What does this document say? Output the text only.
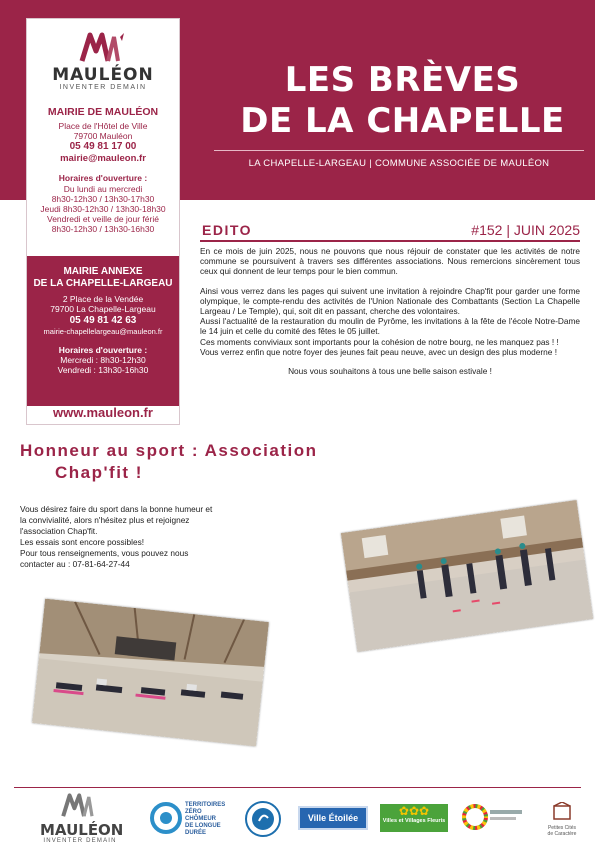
MAULÉON
INVENTER DEMAIN
MAIRIE DE MAULÉON
Place de l'Hôtel de Ville
79700 Mauléon
05 49 81 17 00
mairie@mauleon.fr
Horaires d'ouverture :
Du lundi au mercredi
8h30-12h30 / 13h30-17h30
Jeudi 8h30-12h30 / 13h30-18h30
Vendredi et veille de jour férié
8h30-12h30 / 13h30-16h30
MAIRIE ANNEXE
DE LA CHAPELLE-LARGEAU
2 Place de la Vendée
79700 La Chapelle-Largeau
05 49 81 42 63
mairie-chapellelargeau@mauleon.fr
Horaires d'ouverture :
Mercredi : 8h30-12h30
Vendredi : 13h30-16h30
www.mauleon.fr
LES BRÈVES
DE LA CHAPELLE
LA CHAPELLE-LARGEAU | COMMUNE ASSOCIÉE DE MAULÉON
EDITO	#152 | JUIN 2025

En ce mois de juin 2025, nous ne pouvons que nous réjouir de constater que les activités de notre commune se poursuivent à travers ses différentes associations. Nous remercions sincèrement tous ceux qui donnent de leur temps pour le bien commun.

Ainsi vous verrez dans les pages qui suivent une invitation à rejoindre Chap'fit pour garder une forme olympique, le compte-rendu des activités de l'Union Nationale des Combattants (Section La Chapelle Largeau / Le Temple), qui, soit dit en passant, cherche des volontaires.

Aussi l'actualité de la restauration du moulin de Pyrôme, les invitations à la fête de l'école Notre-Dame le 14 juin et celle du comité des fêtes le 05 juillet.

Ces moments conviviaux sont importants pour la cohésion de notre bourg, ne les manquez pas ! !

Vous verrez enfin que notre foyer des jeunes fait peau neuve, avec un design des plus moderne !

Nous vous souhaitons à tous une belle saison estivale !

Honneur au sport : Association
Chap'fit !
Vous désirez faire du sport dans la bonne humeur et
la convivialité, alors n'hésitez plus et rejoignez
l'association Chap'fit.
Les essais sont encore possibles!
Pour tous renseignements, vous pouvez nous
contacter au : 07-81-64-27-44
MAULÉON
INVENTER DEMAIN
TERRITOIRES
ZÉRO CHÔMEUR
DE LONGUE
DURÉE
Ville Étoilée	✿✿✿
Villes et Villages Fleuris
Petites Cités
de Caractère
